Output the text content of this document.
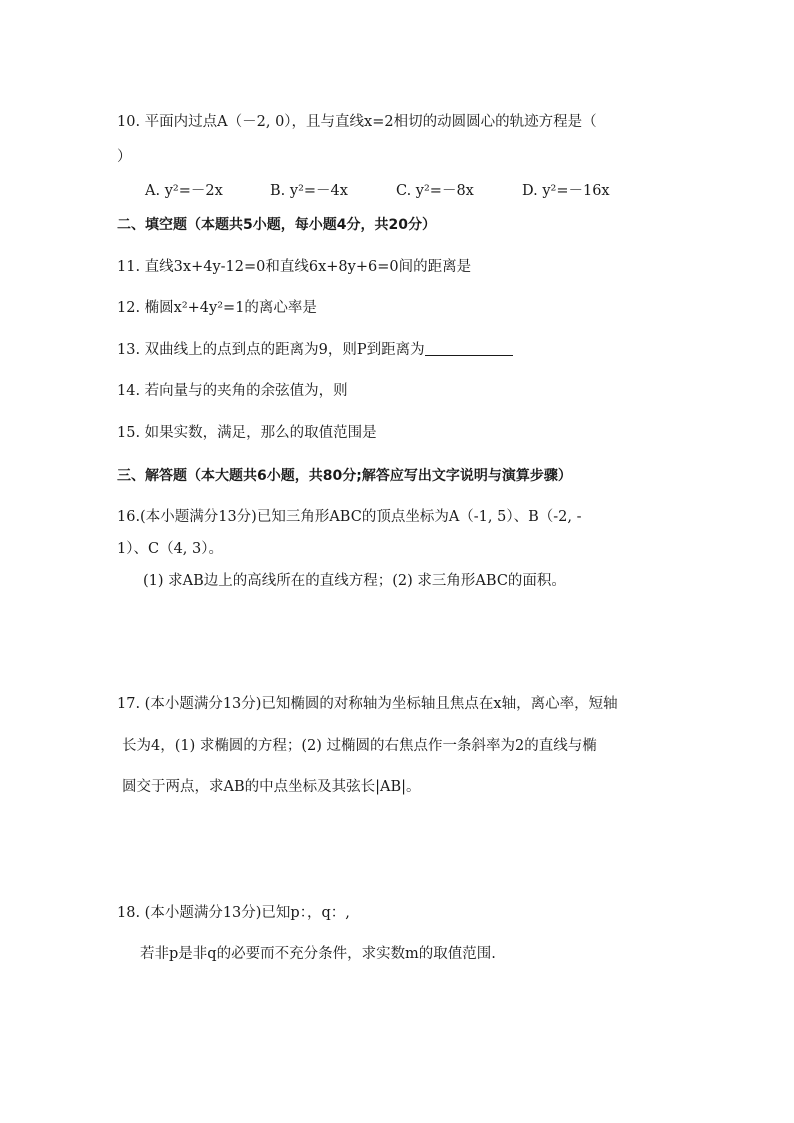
10. 平面内过点A（－2, 0），且与直线x=2相切的动圆圆心的轨迹方程是（
）
A. y²=－2x	B. y²=－4x	C. y²=－8x	D. y²=－16x
二、填空题（本题共5小题，每小题4分，共20分）
11. 直线3x+4y-12=0和直线6x+8y+6=0间的距离是
12. 椭圆x²+4y²=1的离心率是
13. 双曲线上的点到点的距离为9，则P到距离为
14. 若向量与的夹角的余弦值为，则
15. 如果实数，满足，那么的取值范围是
三、解答题（本大题共6小题，共80分;解答应写出文字说明与演算步骤）
16.(本小题满分13分)已知三角形ABC的顶点坐标为A（-1, 5）、B（-2, -
1）、C（4, 3）。
(1) 求AB边上的高线所在的直线方程；(2) 求三角形ABC的面积。
17. (本小题满分13分)已知椭圆的对称轴为坐标轴且焦点在x轴，离心率，短轴
长为4，(1) 求椭圆的方程；(2) 过椭圆的右焦点作一条斜率为2的直线与椭
圆交于两点，求AB的中点坐标及其弦长|AB|。
18. (本小题满分13分)已知p：，q：,
若非p是非q的必要而不充分条件，求实数m的取值范围.
